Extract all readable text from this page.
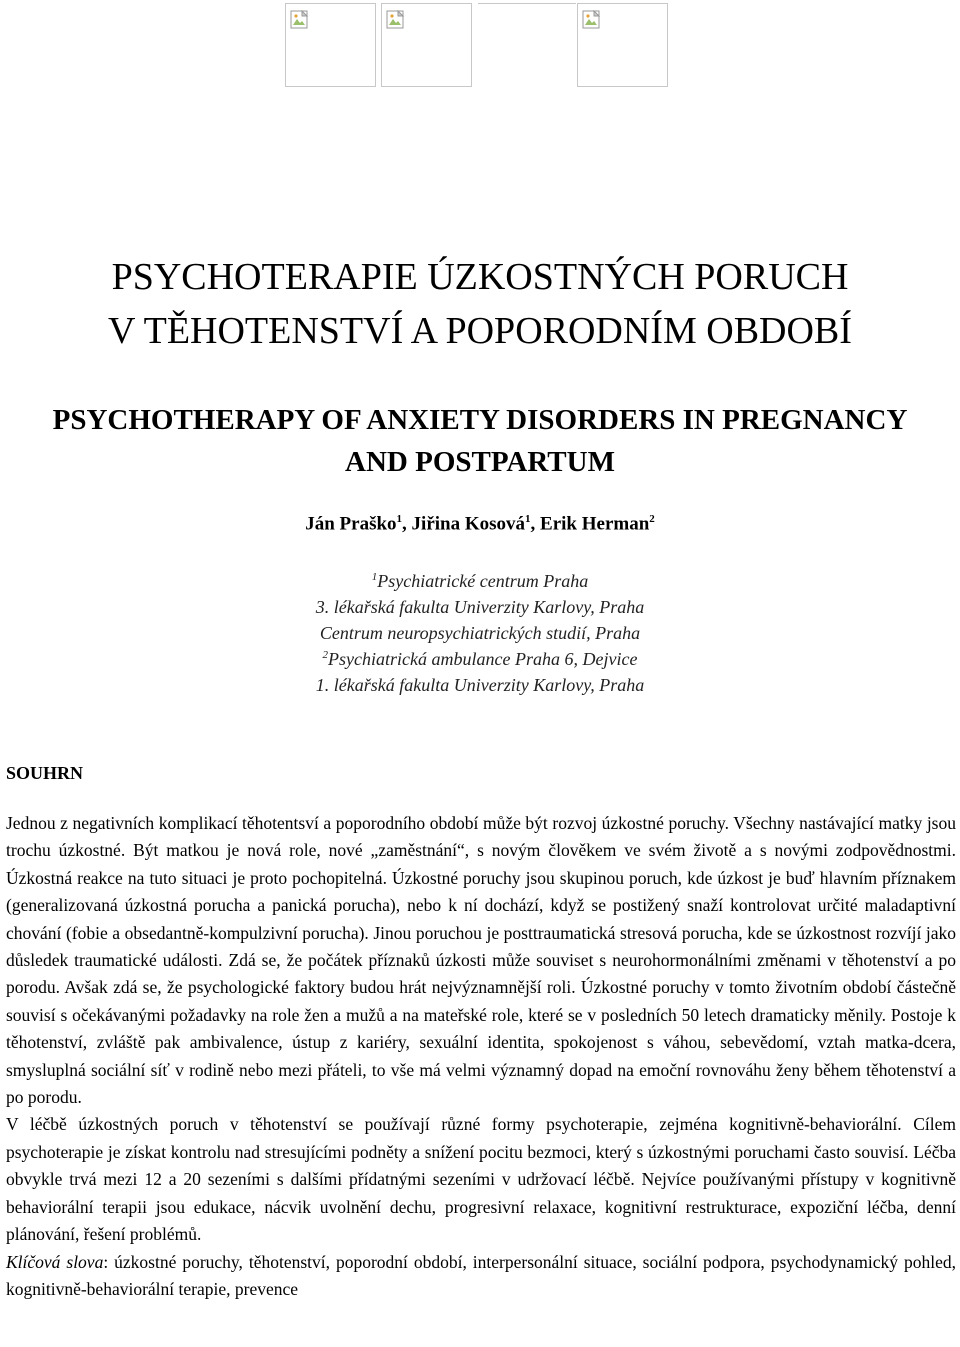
PSYCHOTERAPIE ÚZKOSTNÝCH PORUCH
V TĚHOTENSTVÍ A POPORODNÍM OBDOBÍ
PSYCHOTHERAPY OF ANXIETY DISORDERS IN PREGNANCY
AND POSTPARTUM
Ján Praško$^1$, Jiřina Kosová$^1$, Erik Herman$^2$
$^1$Psychiatrické centrum Praha
3. lékařská fakulta Univerzity Karlovy, Praha
Centrum neuropsychiatrických studií, Praha
$^2$Psychiatrická ambulance Praha 6, Dejvice
1. lékařská fakulta Univerzity Karlovy, Praha
SOUHRN

Jednou z negativních komplikací těhotentsví a poporodního období může být rozvoj úzkostné poruchy. Všechny nastávající matky jsou trochu úzkostné. Být matkou je nová role, nové „zaměstnání“, s novým člověkem ve svém životě a s novými zodpovědnostmi. Úzkostná reakce na tuto situaci je proto pochopitelná. Úzkostné poruchy jsou skupinou poruch, kde úzkost je buď hlavním příznakem (generalizovaná úzkostná porucha a panická porucha), nebo k ní dochází, když se postižený snaží kontrolovat určité maladaptivní chování (fobie a obsedantně-kompulzivní porucha). Jinou poruchou je posttraumatická stresová porucha, kde se úzkostnost rozvíjí jako důsledek traumatické události. Zdá se, že počátek příznaků úzkosti může souviset s neurohormonálními změnami v těhotenství a po porodu. Avšak zdá se, že psychologické faktory budou hrát nejvýznamnější roli. Úzkostné poruchy v tomto životním období částečně souvisí s očekávanými požadavky na role žen a mužů a na mateřské role, které se v posledních 50 letech dramaticky měnily. Postoje k těhotenství, zvláště pak ambivalence, ústup z kariéry, sexuální identita, spokojenost s váhou, sebevědomí, vztah matka-dcera, smysluplná sociální síť v rodině nebo mezi přáteli, to vše má velmi významný dopad na emoční rovnováhu ženy během těhotenství a po porodu.

V léčbě úzkostných poruch v těhotenství se používají různé formy psychoterapie, zejména kognitivně-behaviorální. Cílem psychoterapie je získat kontrolu nad stresujícími podněty a snížení pocitu bezmoci, který s úzkostnými poruchami často souvisí. Léčba obvykle trvá mezi 12 a 20 sezeními s dalšími přídatnými sezeními v udržovací léčbě. Nejvíce používanými přístupy v kognitivně behaviorální terapii jsou edukace, nácvik uvolnění dechu, progresivní relaxace, kognitivní restrukturace, expoziční léčba, denní plánování, řešení problémů.

Klíčová slova: úzkostné poruchy, těhotenství, poporodní období, interpersonální situace, sociální podpora, psychodynamický pohled, kognitivně-behaviorální terapie, prevence
